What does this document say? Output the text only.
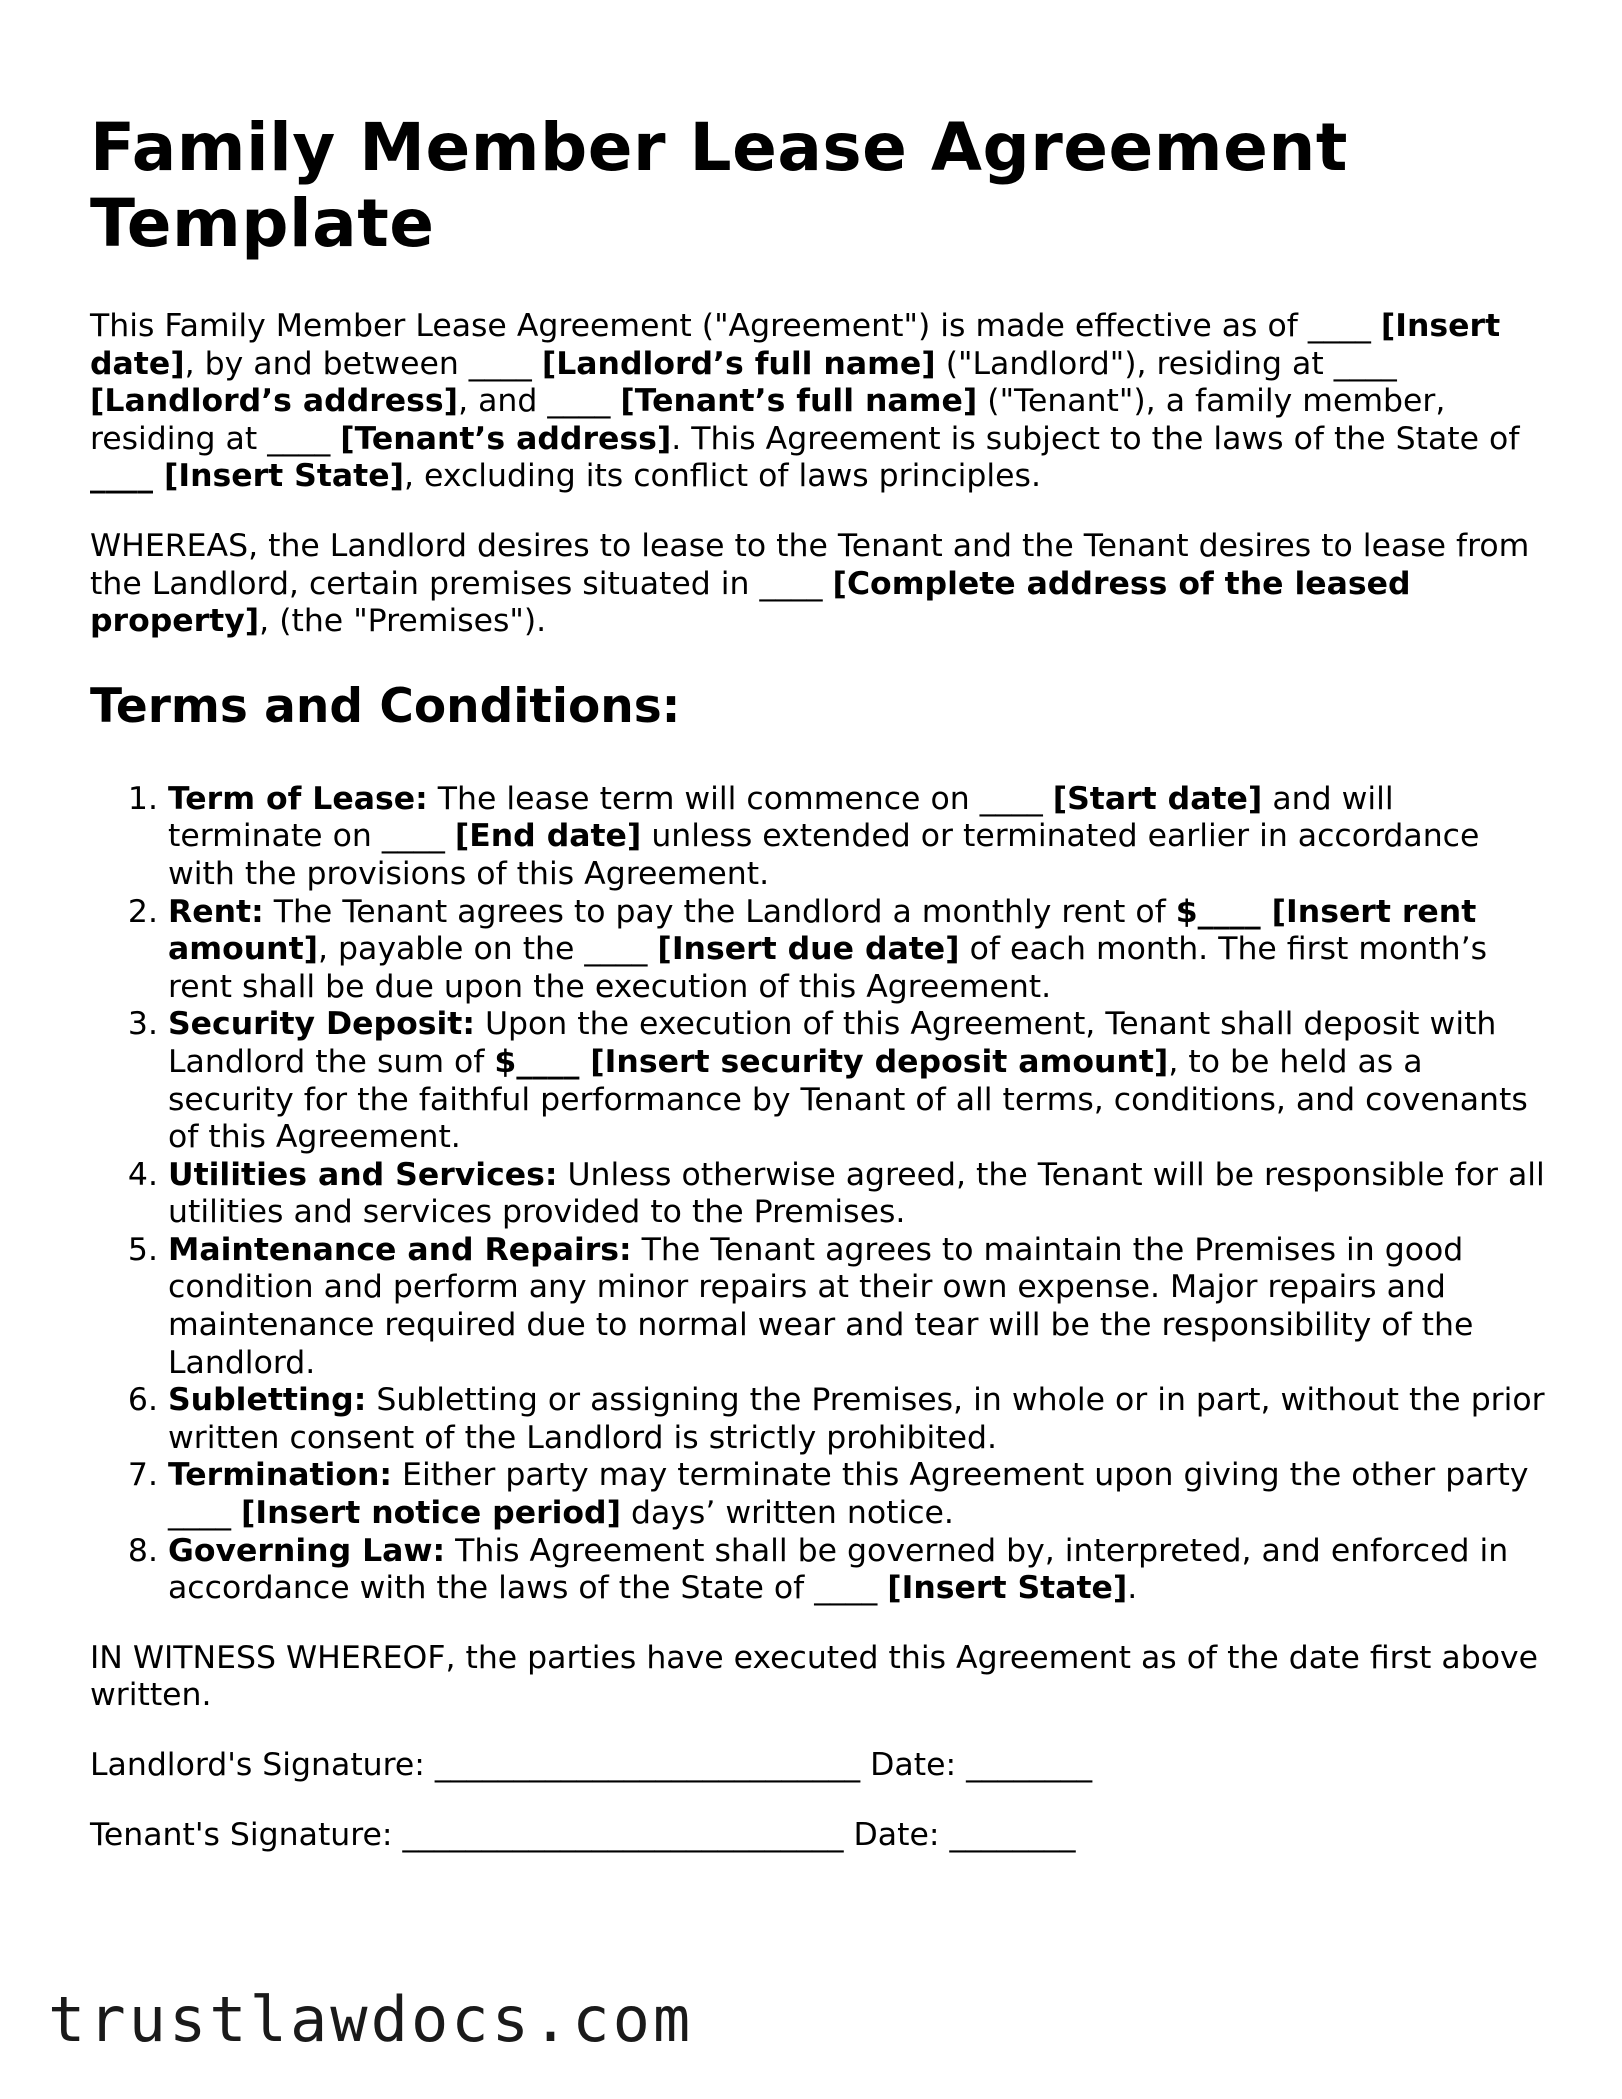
Family Member Lease Agreement Template

This Family Member Lease Agreement ("Agreement") is made effective as of ____ [Insert date], by and between ____ [Landlord’s full name] ("Landlord"), residing at ____ [Landlord’s address], and ____ [Tenant’s full name] ("Tenant"), a family member, residing at ____ [Tenant’s address]. This Agreement is subject to the laws of the State of ____ [Insert State], excluding its conflict of laws principles.

WHEREAS, the Landlord desires to lease to the Tenant and the Tenant desires to lease from the Landlord, certain premises situated in ____ [Complete address of the leased property], (the "Premises").

Terms and Conditions:
1. Term of Lease: The lease term will commence on ____ [Start date] and will terminate on ____ [End date] unless extended or terminated earlier in accordance with the provisions of this Agreement.
2. Rent: The Tenant agrees to pay the Landlord a monthly rent of $____ [Insert rent amount], payable on the ____ [Insert due date] of each month. The first month’s rent shall be due upon the execution of this Agreement.
3. Security Deposit: Upon the execution of this Agreement, Tenant shall deposit with Landlord the sum of $____ [Insert security deposit amount], to be held as a security for the faithful performance by Tenant of all terms, conditions, and covenants of this Agreement.
4. Utilities and Services: Unless otherwise agreed, the Tenant will be responsible for all utilities and services provided to the Premises.
5. Maintenance and Repairs: The Tenant agrees to maintain the Premises in good condition and perform any minor repairs at their own expense. Major repairs and maintenance required due to normal wear and tear will be the responsibility of the Landlord.
6. Subletting: Subletting or assigning the Premises, in whole or in part, without the prior written consent of the Landlord is strictly prohibited.
7. Termination: Either party may terminate this Agreement upon giving the other party ____ [Insert notice period] days’ written notice.
8. Governing Law: This Agreement shall be governed by, interpreted, and enforced in accordance with the laws of the State of ____ [Insert State].

IN WITNESS WHEREOF, the parties have executed this Agreement as of the date first above written.

Landlord's Signature: ___________________________ Date: ________

Tenant's Signature: ____________________________ Date: ________

trustlawdocs.com
